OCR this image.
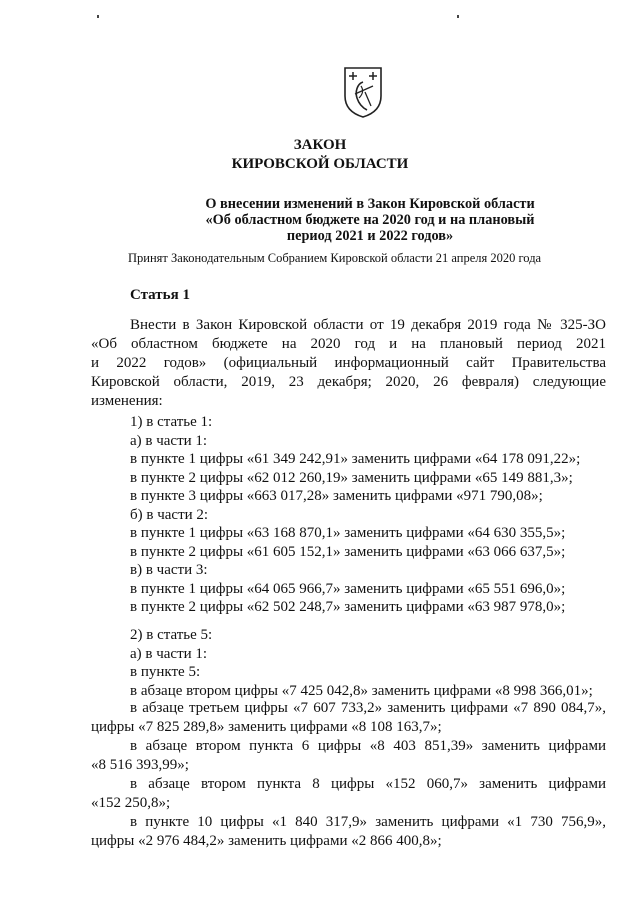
ЗАКОН
КИРОВСКОЙ ОБЛАСТИ
О внесении изменений в Закон Кировской области
«Об областном бюджете на 2020 год и на плановый
период 2021 и 2022 годов»
Принят Законодательным Собранием Кировской области 21 апреля 2020 года
Статья 1
Внести в Закон Кировской области от 19 декабря 2019 года № 325-ЗО
«Об областном бюджете на 2020 год и на плановый период 2021
и 2022 годов» (официальный информационный сайт Правительства
Кировской области, 2019, 23 декабря; 2020, 26 февраля) следующие
изменения:
1) в статье 1:
а) в части 1:
в пункте 1 цифры «61 349 242,91» заменить цифрами «64 178 091,22»;
в пункте 2 цифры «62 012 260,19» заменить цифрами «65 149 881,3»;
в пункте 3 цифры «663 017,28» заменить цифрами «971 790,08»;
б) в части 2:
в пункте 1 цифры «63 168 870,1» заменить цифрами «64 630 355,5»;
в пункте 2 цифры «61 605 152,1» заменить цифрами «63 066 637,5»;
в) в части 3:
в пункте 1 цифры «64 065 966,7» заменить цифрами «65 551 696,0»;
в пункте 2 цифры «62 502 248,7» заменить цифрами «63 987 978,0»;
2) в статье 5:
а) в части 1:
в пункте 5:
в абзаце втором цифры «7 425 042,8» заменить цифрами «8 998 366,01»;
в абзаце третьем цифры «7 607 733,2» заменить цифрами «7 890 084,7»,
цифры «7 825 289,8» заменить цифрами «8 108 163,7»;
в абзаце втором пункта 6 цифры «8 403 851,39» заменить цифрами
«8 516 393,99»;
в абзаце втором пункта 8 цифры «152 060,7» заменить цифрами
«152 250,8»;
в пункте 10 цифры «1 840 317,9» заменить цифрами «1 730 756,9»,
цифры «2 976 484,2» заменить цифрами «2 866 400,8»;
